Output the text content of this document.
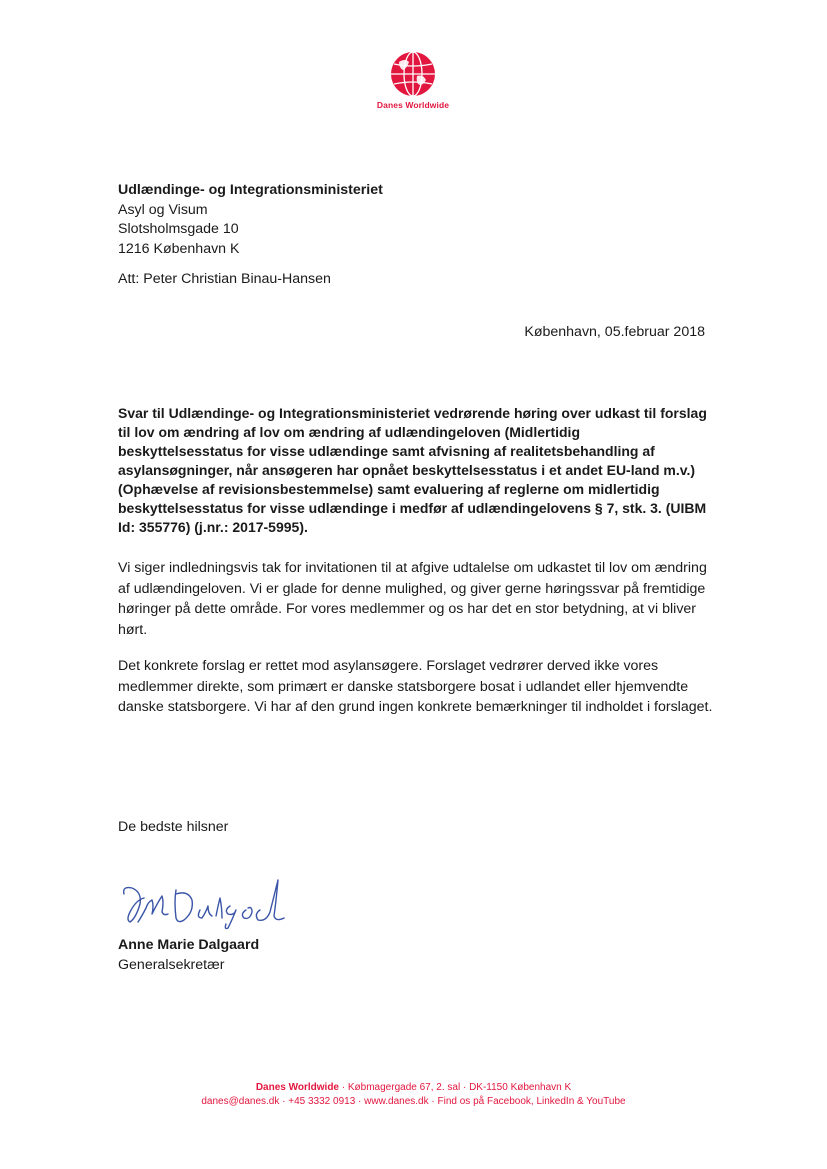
Danes Worldwide
Udlændinge- og Integrationsministeriet
Asyl og Visum
Slotsholmsgade 10
1216 København K
Att: Peter Christian Binau-Hansen
København, 05.februar 2018
Svar til Udlændinge- og Integrationsministeriet vedrørende høring over udkast til forslag til lov om ændring af lov om ændring af udlændingeloven (Midlertidig beskyttelsesstatus for visse udlændinge samt afvisning af realitetsbehandling af asylansøgninger, når ansøgeren har opnået beskyttelsesstatus i et andet EU-land m.v.) (Ophævelse af revisionsbestemmelse) samt evaluering af reglerne om midlertidig beskyttelsesstatus for visse udlændinge i medfør af udlændingelovens § 7, stk. 3. (UIBM Id: 355776) (j.nr.: 2017-5995).
Vi siger indledningsvis tak for invitationen til at afgive udtalelse om udkastet til lov om ændring af udlændingeloven. Vi er glade for denne mulighed, og giver gerne høringssvar på fremtidige høringer på dette område. For vores medlemmer og os har det en stor betydning, at vi bliver hørt.
Det konkrete forslag er rettet mod asylansøgere. Forslaget vedrører derved ikke vores medlemmer direkte, som primært er danske statsborgere bosat i udlandet eller hjemvendte danske statsborgere. Vi har af den grund ingen konkrete bemærkninger til indholdet i forslaget.
De bedste hilsner
Anne Marie Dalgaard
Generalsekretær
Danes Worldwide · Købmagergade 67, 2. sal · DK-1150 København K
danes@danes.dk · +45 3332 0913 · www.danes.dk · Find os på Facebook, LinkedIn & YouTube
